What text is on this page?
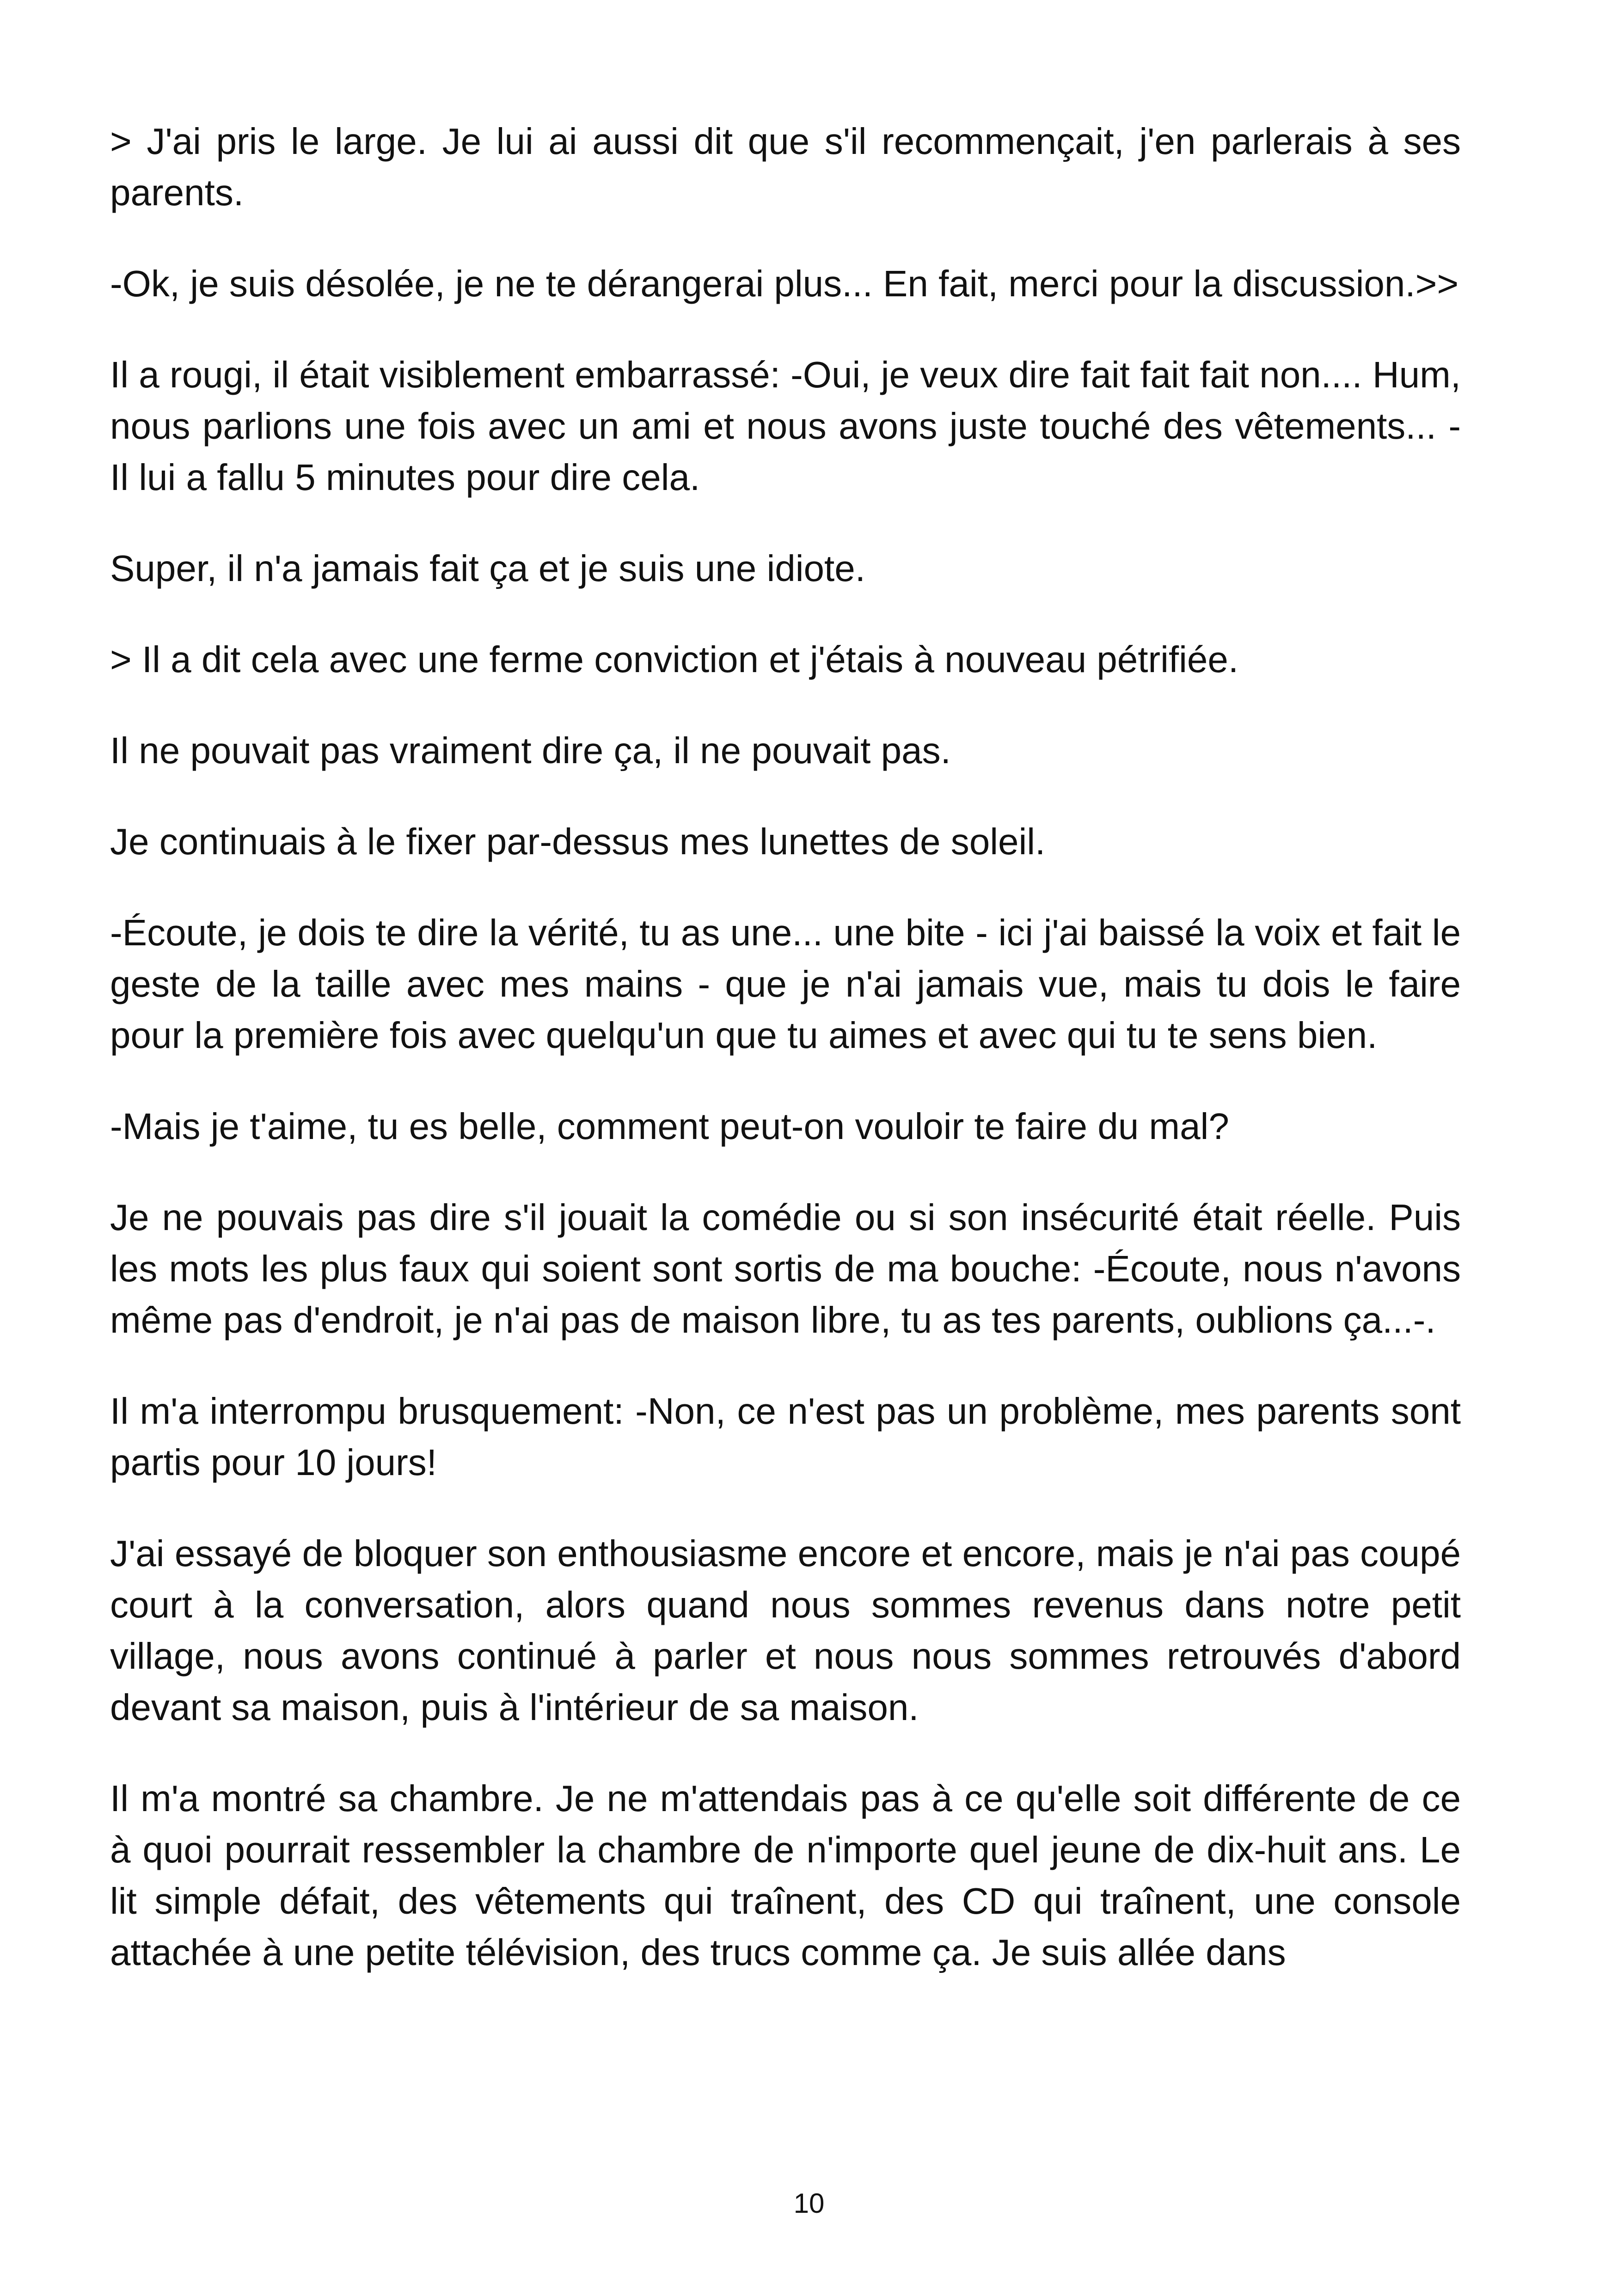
> J'ai pris le large. Je lui ai aussi dit que s'il recommençait, j'en parlerais à ses parents.

-Ok, je suis désolée, je ne te dérangerai plus... En fait, merci pour la discussion.>>

Il a rougi, il était visiblement embarrassé: -Oui, je veux dire fait fait fait non.... Hum, nous parlions une fois avec un ami et nous avons juste touché des vêtements... - Il lui a fallu 5 minutes pour dire cela.

Super, il n'a jamais fait ça et je suis une idiote.

> Il a dit cela avec une ferme conviction et j'étais à nouveau pétrifiée.

Il ne pouvait pas vraiment dire ça, il ne pouvait pas.

Je continuais à le fixer par-dessus mes lunettes de soleil.

-Écoute, je dois te dire la vérité, tu as une... une bite - ici j'ai baissé la voix et fait le geste de la taille avec mes mains - que je n'ai jamais vue, mais tu dois le faire pour la première fois avec quelqu'un que tu aimes et avec qui tu te sens bien.

-Mais je t'aime, tu es belle, comment peut-on vouloir te faire du mal?

Je ne pouvais pas dire s'il jouait la comédie ou si son insécurité était réelle. Puis les mots les plus faux qui soient sont sortis de ma bouche: -Écoute, nous n'avons même pas d'endroit, je n'ai pas de maison libre, tu as tes parents, oublions ça...-.

Il m'a interrompu brusquement: -Non, ce n'est pas un problème, mes parents sont partis pour 10 jours!

J'ai essayé de bloquer son enthousiasme encore et encore, mais je n'ai pas coupé court à la conversation, alors quand nous sommes revenus dans notre petit village, nous avons continué à parler et nous nous sommes retrouvés d'abord devant sa maison, puis à l'intérieur de sa maison.

Il m'a montré sa chambre. Je ne m'attendais pas à ce qu'elle soit différente de ce à quoi pourrait ressembler la chambre de n'importe quel jeune de dix-huit ans. Le lit simple défait, des vêtements qui traînent, des CD qui traînent, une console attachée à une petite télévision, des trucs comme ça. Je suis allée dans

10
